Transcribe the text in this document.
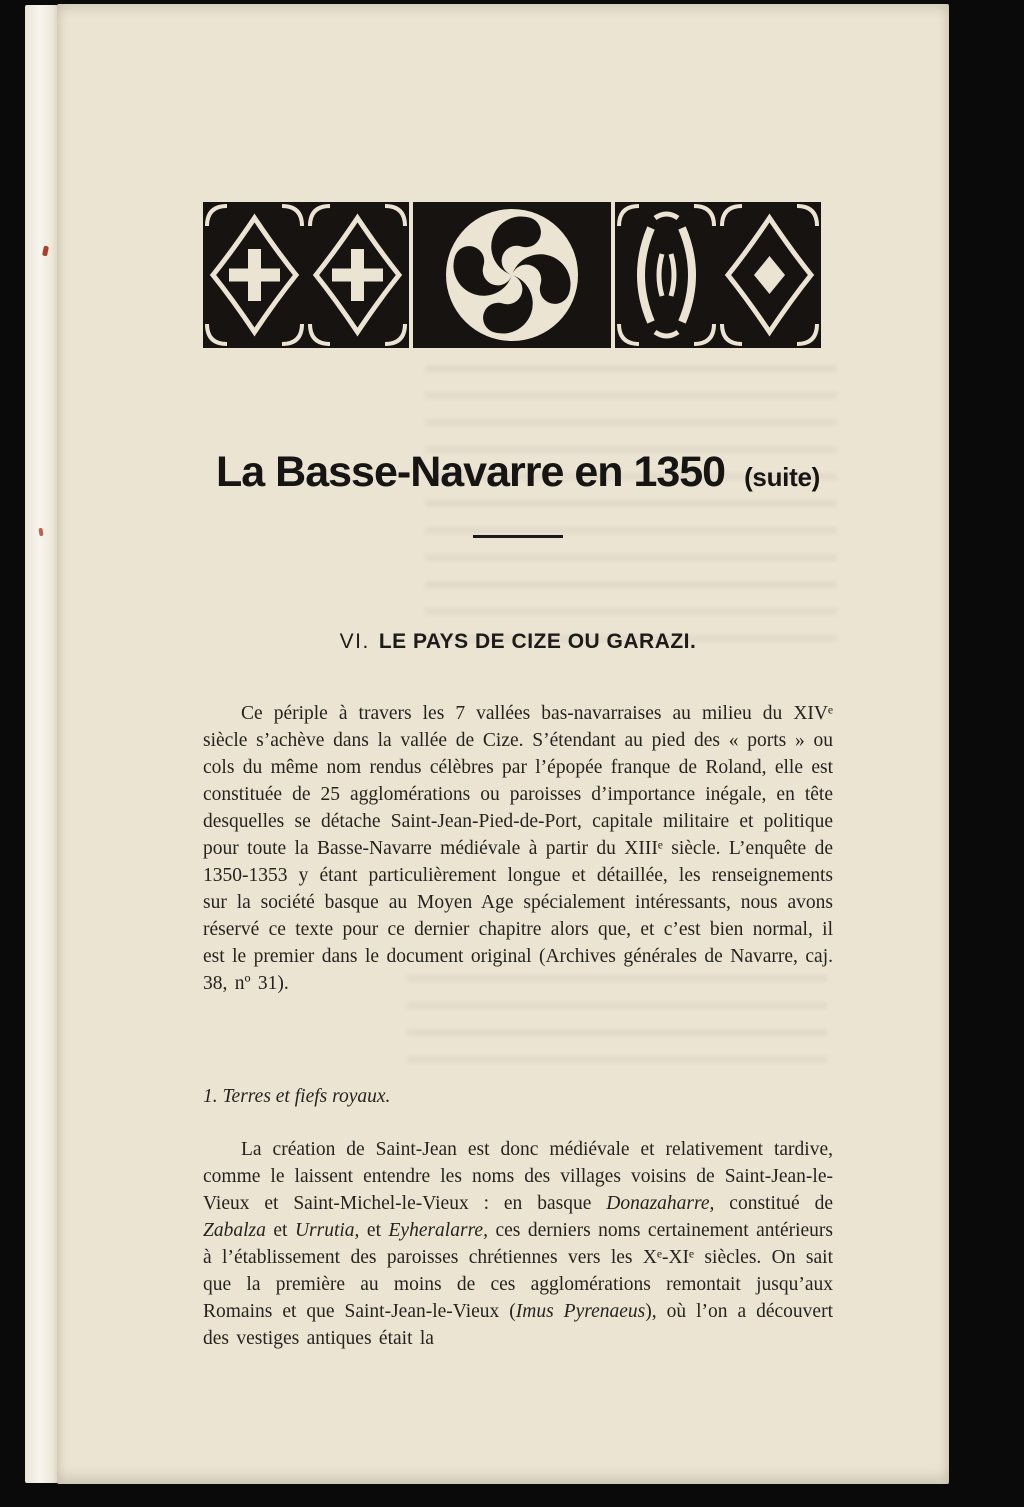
La Basse-Navarre en 1350 (suite)
VI. LE PAYS DE CIZE OU GARAZI.

Ce périple à travers les 7 vallées bas-navarraises au milieu du XIVᵉ siècle s’achève dans la vallée de Cize. S’étendant au pied des « ports » ou cols du même nom rendus célèbres par l’épopée franque de Roland, elle est constituée de 25 agglomérations ou paroisses d’importance inégale, en tête desquelles se détache Saint-Jean-Pied-de-Port, capitale militaire et politique pour toute la Basse-Navarre médiévale à partir du XIIIᵉ siècle. L’enquête de 1350-1353 y étant particulièrement longue et détaillée, les renseignements sur la société basque au Moyen Age spécialement intéressants, nous avons réservé ce texte pour ce dernier chapitre alors que, et c’est bien normal, il est le premier dans le document original (Archives générales de Navarre, caj. 38, nº 31).

1. Terres et fiefs royaux.

La création de Saint-Jean est donc médiévale et relativement tardive, comme le laissent entendre les noms des villages voisins de Saint-Jean-le-Vieux et Saint-Michel-le-Vieux : en basque Donazaharre, constitué de Zabalza et Urrutia, et Eyheralarre, ces derniers noms certainement antérieurs à l’établissement des paroisses chrétiennes vers les Xᵉ-XIᵉ siècles. On sait que la première au moins de ces agglomérations remontait jusqu’aux Romains et que Saint-Jean-le-Vieux (Imus Pyrenaeus), où l’on a découvert des vestiges antiques était la
